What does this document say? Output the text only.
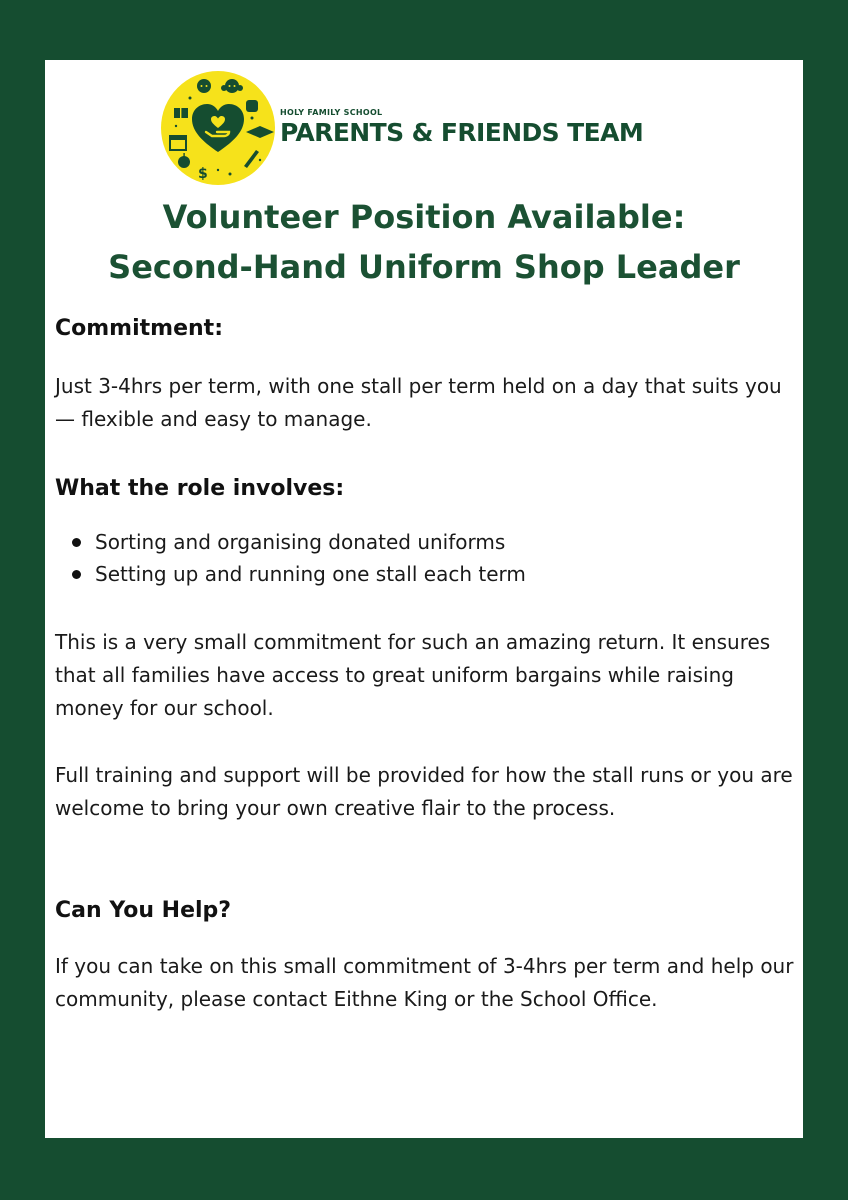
$
HOLY FAMILY SCHOOL
PARENTS & FRIENDS TEAM
Volunteer Position Available:
Second-Hand Uniform Shop Leader
Commitment:

Just 3-4hrs per term, with one stall per term held on a day that suits you — flexible and easy to manage.

What the role involves:
Sorting and organising donated uniforms
Setting up and running one stall each term

This is a very small commitment for such an amazing return. It ensures that all families have access to great uniform bargains while raising money for our school.

Full training and support will be provided for how the stall runs or you are welcome to bring your own creative flair to the process.

Can You Help?

If you can take on this small commitment of 3-4hrs per term and help our community, please contact Eithne King or the School Office.
